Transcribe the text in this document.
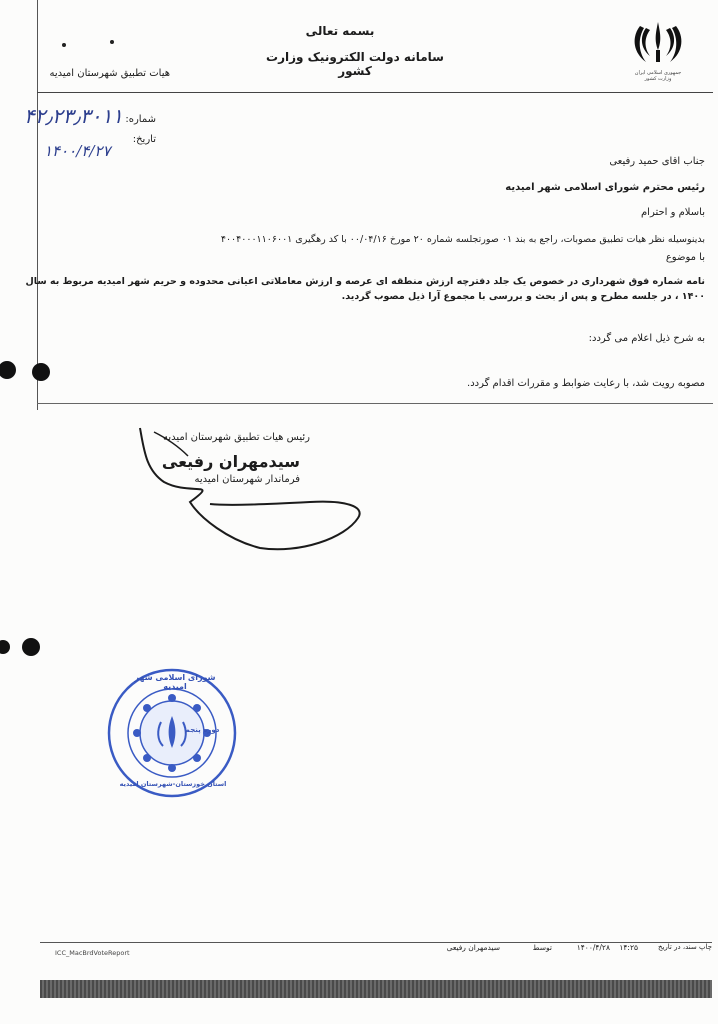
بسمه تعالی
سامانه دولت الکترونیک وزارت کشور
هیات تطبیق شهرستان امیدیه	جمهوری اسلامی ایران
وزارت کشور
شماره:
۴۲٫۲۳٫۳۰۱۱
تاریخ:
۱۴۰۰/۴/۲۷
جناب اقای حمید رفیعی
رئیس محترم شورای اسلامی شهر امیدیه
باسلام و احترام
بدینوسیله نظر هیات تطبیق مصوبات، راجع به بند ۰۱ صورتجلسه شماره ۲۰ مورخ ۰۰/۰۴/۱۶ با کد رهگیری ۴۰۰۴۰۰۰۱۱۰۶۰۰۱
با موضوع
نامه شماره فوق شهرداری در خصوص یک جلد دفترچه ارزش منطقه ای عرصه و ارزش معاملاتی اعیانی محدوده و حریم شهر امیدیه مربوط به سال
۱۴۰۰ ، در جلسه مطرح و پس از بحث و بررسی با مجموع آرا ذیل مصوب گردید.
به شرح ذیل اعلام می گردد:
مصوبه رویت شد، با رعایت ضوابط و مقررات اقدام گردد.
رئیس هیات تطبیق شهرستان امیدیه
سیدمهران رفیعی
فرماندار شهرستان امیدیه
شورای اسلامی شهر امیدیه
دوره پنجم
استان خوزستان-شهرستان امیدیه
ICC_MacBrdVoteReport
سیدمهران رفیعی	توسط	۱۴۰۰/۴/۲۸	۱۴:۲۵	چاپ سند، در تاریخ
